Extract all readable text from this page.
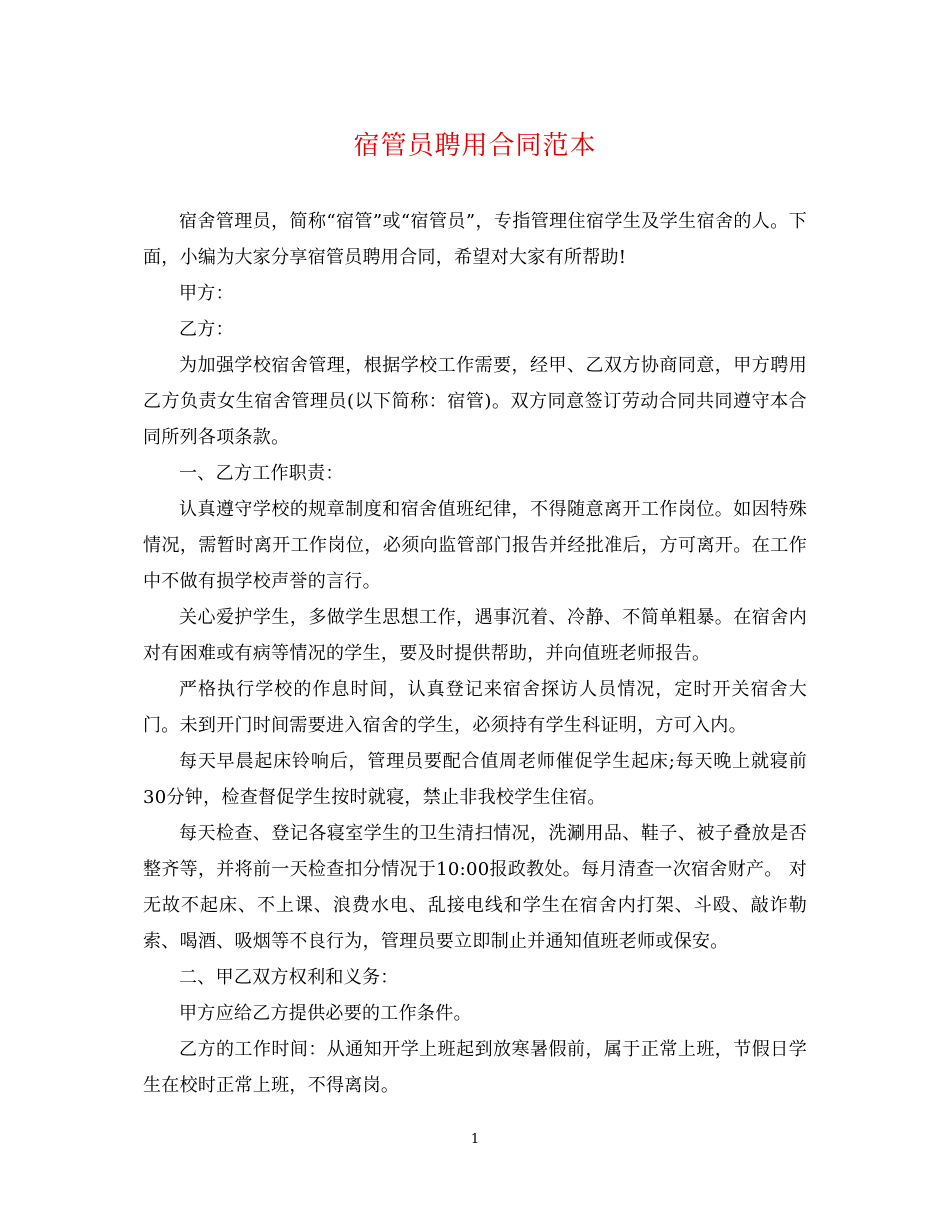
宿管员聘用合同范本

宿舍管理员，简称“宿管”或“宿管员”，专指管理住宿学生及学生宿舍的人。下面，小编为大家分享宿管员聘用合同，希望对大家有所帮助!

甲方：

乙方：

为加强学校宿舍管理，根据学校工作需要，经甲、乙双方协商同意，甲方聘用乙方负责女生宿舍管理员(以下简称：宿管)。双方同意签订劳动合同共同遵守本合同所列各项条款。

一、乙方工作职责：

认真遵守学校的规章制度和宿舍值班纪律，不得随意离开工作岗位。如因特殊情况，需暂时离开工作岗位，必须向监管部门报告并经批准后，方可离开。在工作中不做有损学校声誉的言行。

关心爱护学生，多做学生思想工作，遇事沉着、冷静、不简单粗暴。在宿舍内对有困难或有病等情况的学生，要及时提供帮助，并向值班老师报告。

严格执行学校的作息时间，认真登记来宿舍探访人员情况，定时开关宿舍大门。未到开门时间需要进入宿舍的学生，必须持有学生科证明，方可入内。

每天早晨起床铃响后，管理员要配合值周老师催促学生起床;每天晚上就寝前30分钟，检查督促学生按时就寝，禁止非我校学生住宿。

每天检查、登记各寝室学生的卫生清扫情况，洗涮用品、鞋子、被子叠放是否整齐等，并将前一天检查扣分情况于10:00报政教处。每月清查一次宿舍财产。 对无故不起床、不上课、浪费水电、乱接电线和学生在宿舍内打架、斗殴、敲诈勒索、喝酒、吸烟等不良行为，管理员要立即制止并通知值班老师或保安。

二、甲乙双方权利和义务：

甲方应给乙方提供必要的工作条件。

乙方的工作时间：从通知开学上班起到放寒暑假前，属于正常上班，节假日学生在校时正常上班，不得离岗。

1
